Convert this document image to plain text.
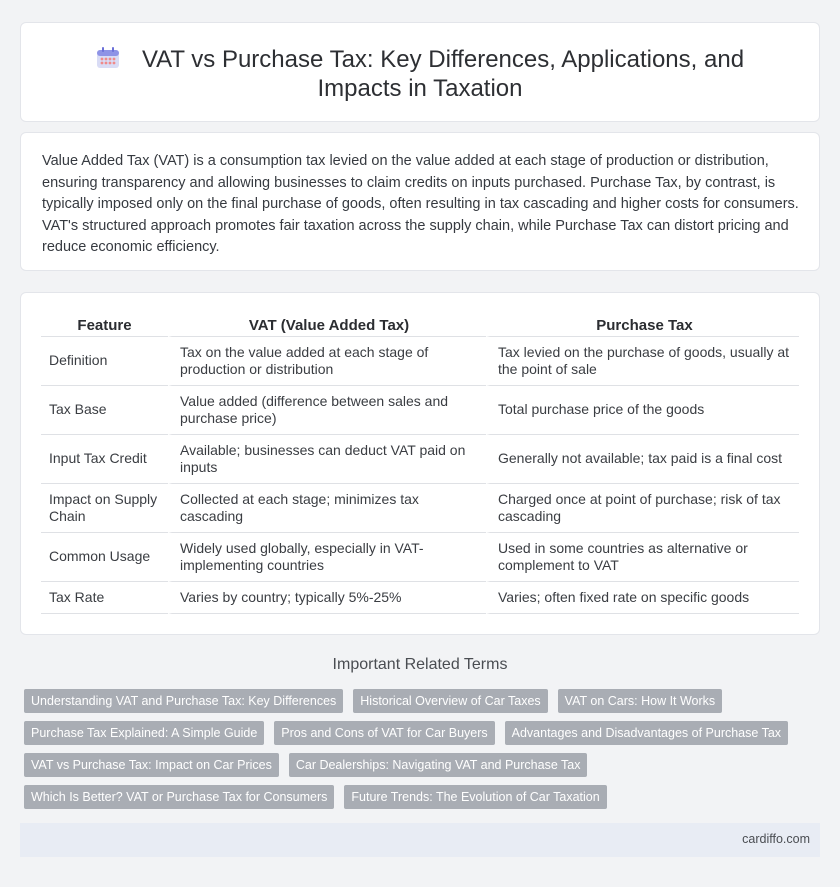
VAT vs Purchase Tax: Key Differences, Applications, and Impacts in Taxation

Value Added Tax (VAT) is a consumption tax levied on the value added at each stage of production or distribution, ensuring transparency and allowing businesses to claim credits on inputs purchased. Purchase Tax, by contrast, is typically imposed only on the final purchase of goods, often resulting in tax cascading and higher costs for consumers. VAT's structured approach promotes fair taxation across the supply chain, while Purchase Tax can distort pricing and reduce economic efficiency.

Feature	VAT (Value Added Tax)	Purchase Tax
Definition	Tax on the value added at each stage of production or distribution	Tax levied on the purchase of goods, usually at the point of sale
Tax Base	Value added (difference between sales and purchase price)	Total purchase price of the goods
Input Tax Credit	Available; businesses can deduct VAT paid on inputs	Generally not available; tax paid is a final cost
Impact on Supply Chain	Collected at each stage; minimizes tax cascading	Charged once at point of purchase; risk of tax cascading
Common Usage	Widely used globally, especially in VAT-implementing countries	Used in some countries as alternative or complement to VAT
Tax Rate	Varies by country; typically 5%-25%	Varies; often fixed rate on specific goods
Important Related Terms
Understanding VAT and Purchase Tax: Key Differences	Historical Overview of Car Taxes	VAT on Cars: How It Works
Purchase Tax Explained: A Simple Guide	Pros and Cons of VAT for Car Buyers	Advantages and Disadvantages of Purchase Tax
VAT vs Purchase Tax: Impact on Car Prices	Car Dealerships: Navigating VAT and Purchase Tax
Which Is Better? VAT or Purchase Tax for Consumers	Future Trends: The Evolution of Car Taxation
cardiffo.com
